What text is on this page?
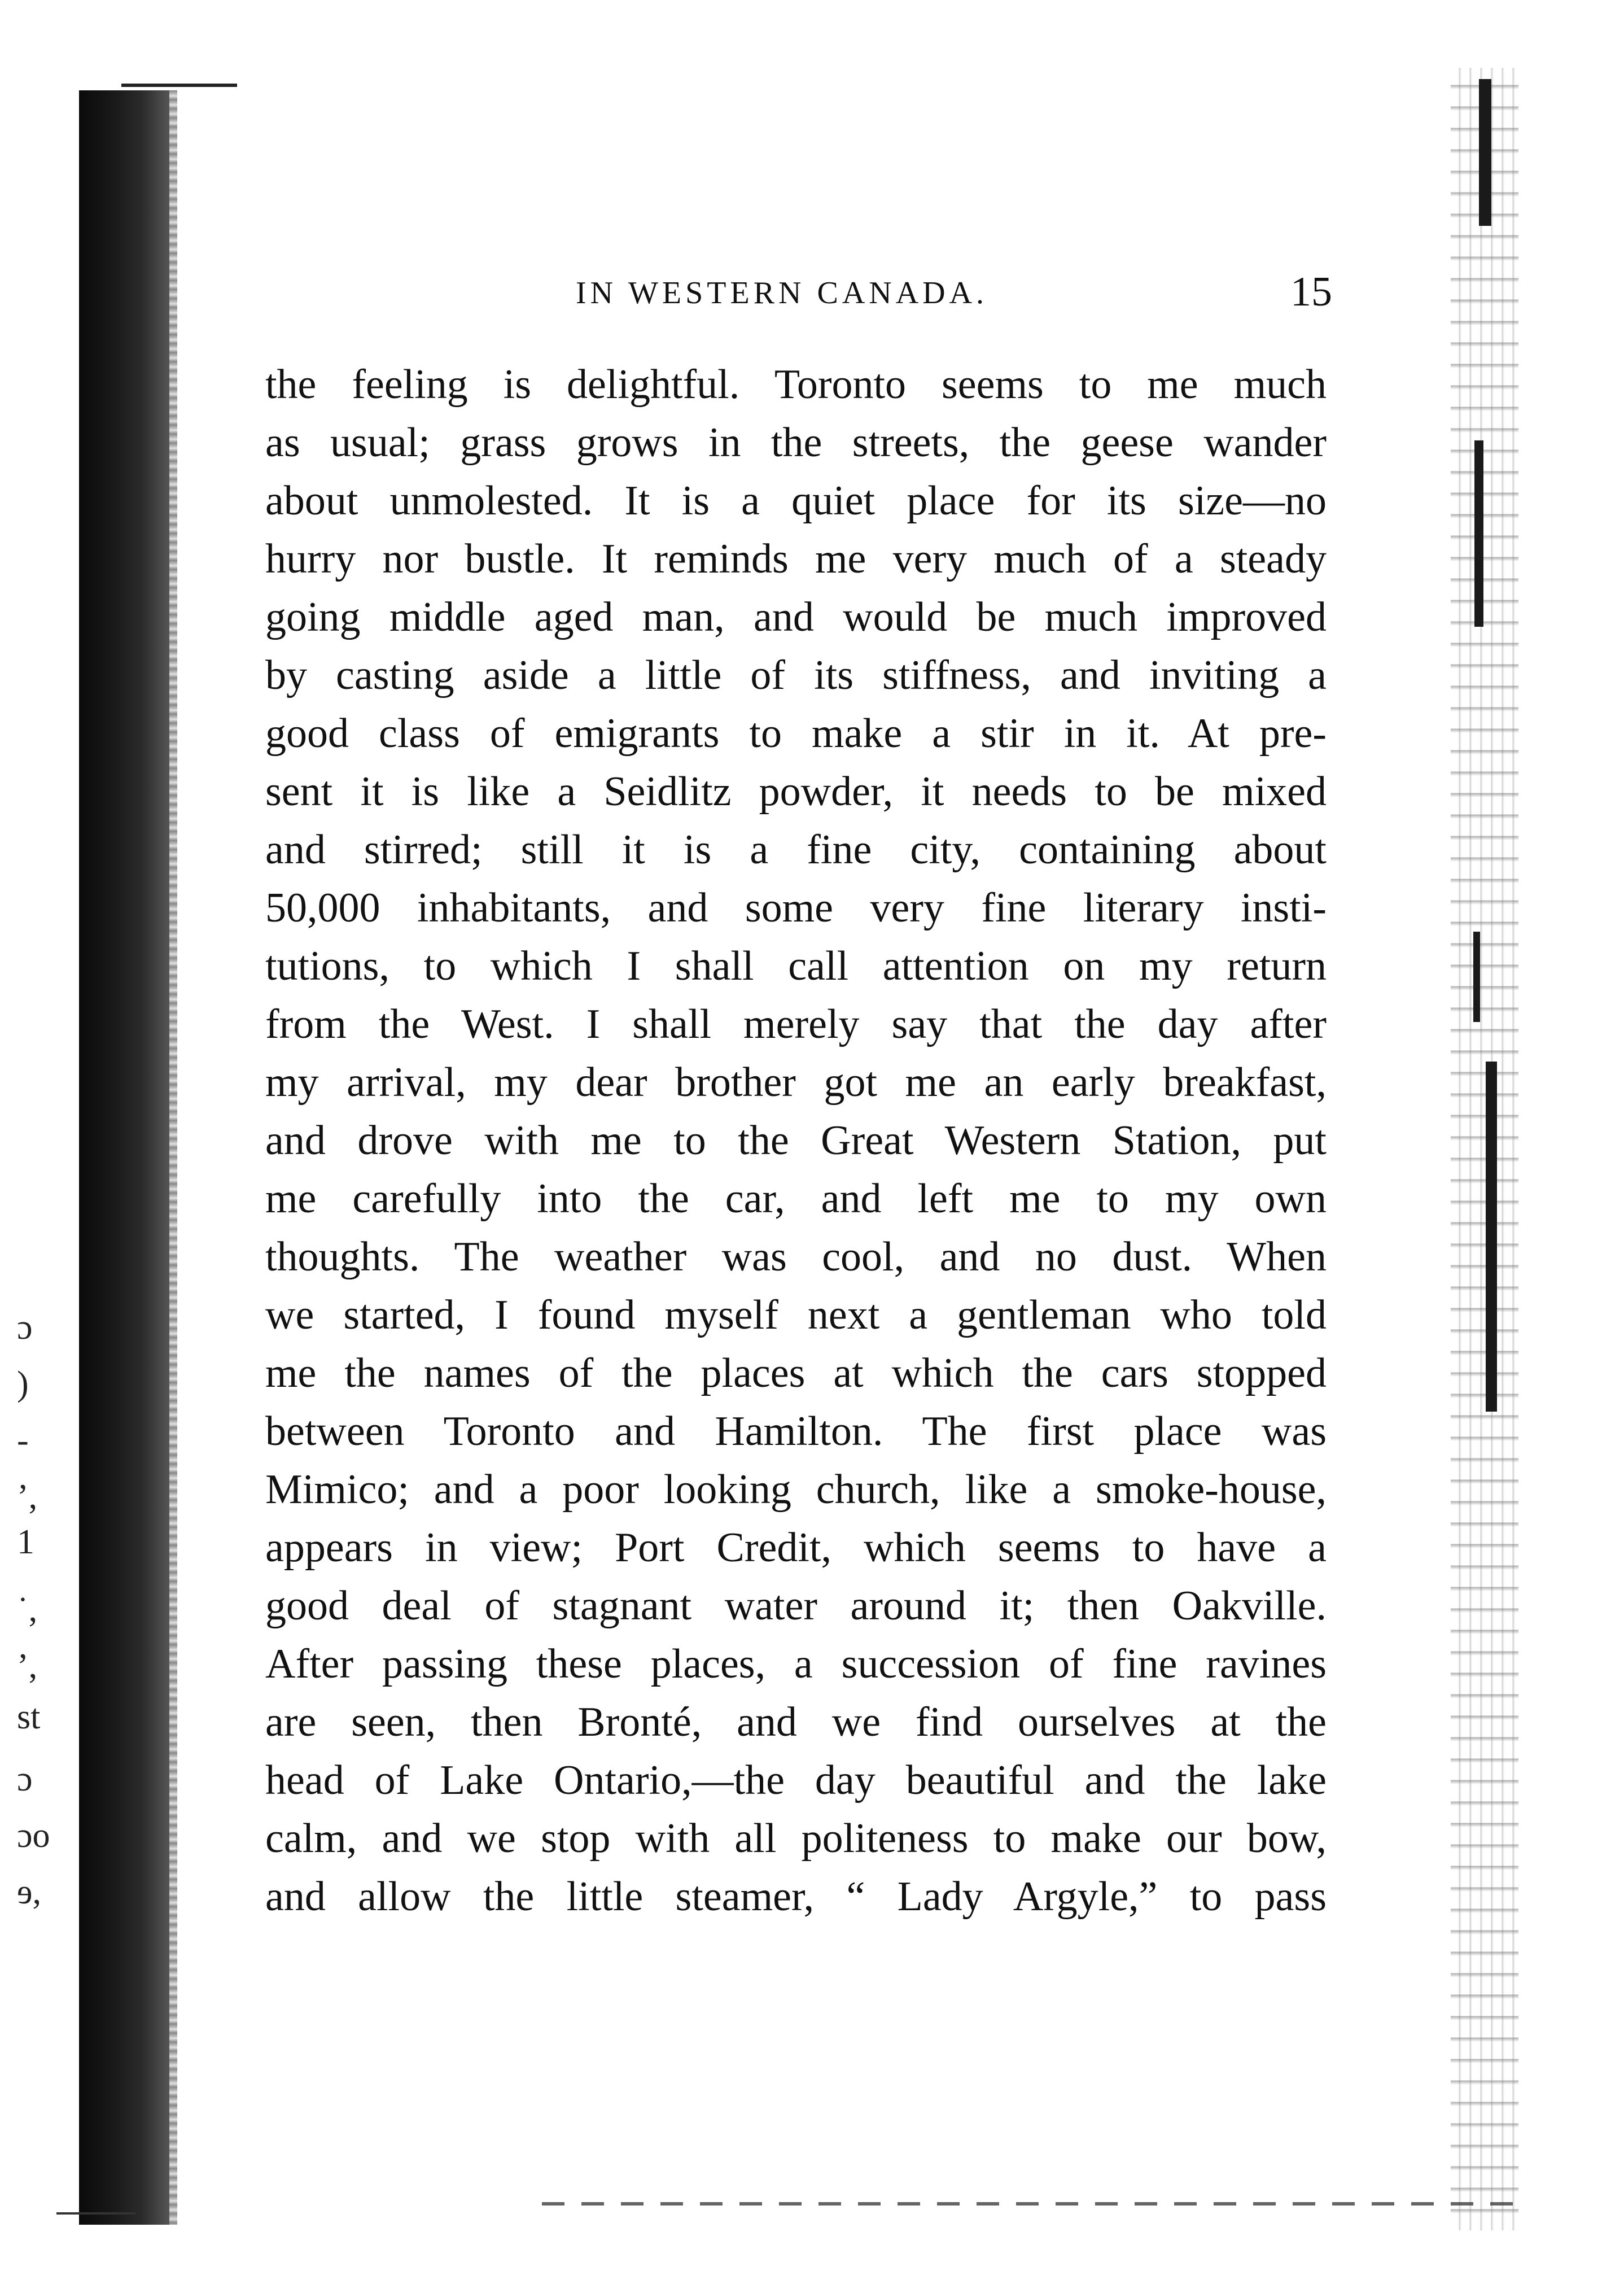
ɔ
)
-
ʼ,
1
˙,
ʼ,
st
ɔ
ɔo
ɘ,
IN WESTERN CANADA.	15
the feeling is delightful. Toronto seems to me much
as usual; grass grows in the streets, the geese wander
about unmolested. It is a quiet place for its size—no
hurry nor bustle. It reminds me very much of a steady
going middle aged man, and would be much improved
by casting aside a little of its stiffness, and inviting a
good class of emigrants to make a stir in it. At pre-
sent it is like a Seidlitz powder, it needs to be mixed
and stirred; still it is a fine city, containing about
50,000 inhabitants, and some very fine literary insti-
tutions, to which I shall call attention on my return
from the West. I shall merely say that the day after
my arrival, my dear brother got me an early breakfast,
and drove with me to the Great Western Station, put
me carefully into the car, and left me to my own
thoughts. The weather was cool, and no dust. When
we started, I found myself next a gentleman who told
me the names of the places at which the cars stopped
between Toronto and Hamilton. The first place was
Mimico; and a poor looking church, like a smoke-house,
appears in view; Port Credit, which seems to have a
good deal of stagnant water around it; then Oakville.
After passing these places, a succession of fine ravines
are seen, then Bronté, and we find ourselves at the
head of Lake Ontario,—the day beautiful and the lake
calm, and we stop with all politeness to make our bow,
and allow the little steamer, “ Lady Argyle,” to pass
